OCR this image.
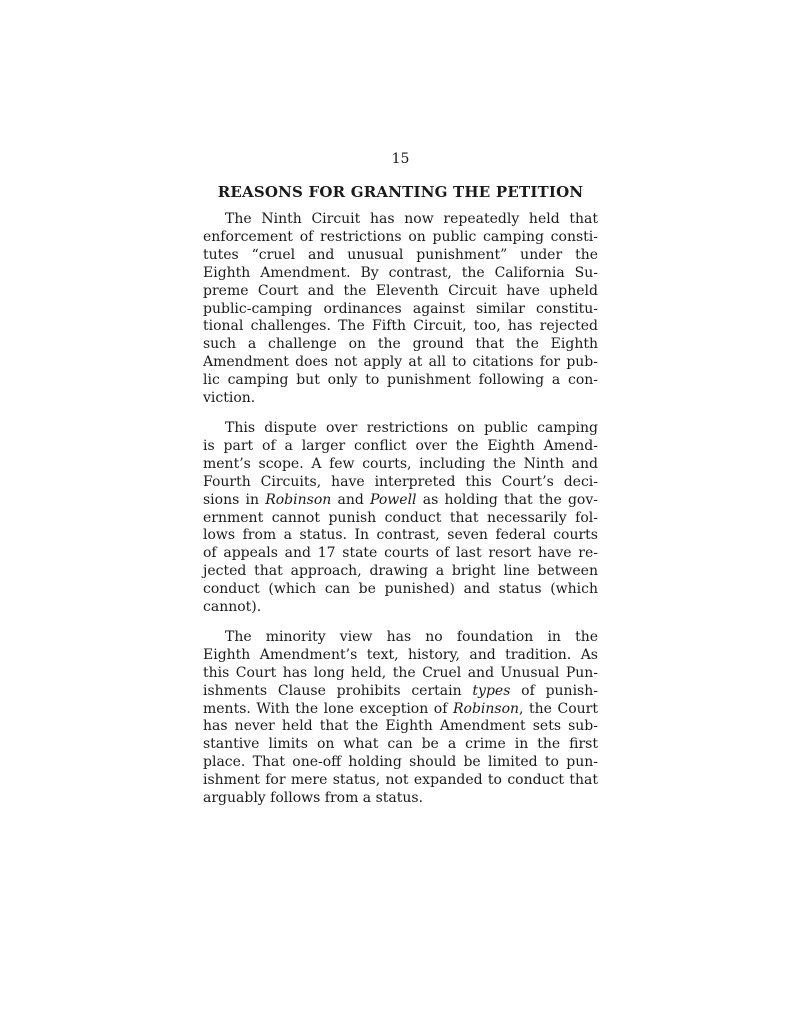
15
REASONS FOR GRANTING THE PETITION
The Ninth Circuit has now repeatedly held that
enforcement of restrictions on public camping consti-
tutes “cruel and unusual punishment” under the
Eighth Amendment. By contrast, the California Su-
preme Court and the Eleventh Circuit have upheld
public-camping ordinances against similar constitu-
tional challenges. The Fifth Circuit, too, has rejected
such a challenge on the ground that the Eighth
Amendment does not apply at all to citations for pub-
lic camping but only to punishment following a con-
viction.
This dispute over restrictions on public camping
is part of a larger conflict over the Eighth Amend-
ment’s scope. A few courts, including the Ninth and
Fourth Circuits, have interpreted this Court’s deci-
sions in Robinson and Powell as holding that the gov-
ernment cannot punish conduct that necessarily fol-
lows from a status. In contrast, seven federal courts
of appeals and 17 state courts of last resort have re-
jected that approach, drawing a bright line between
conduct (which can be punished) and status (which
cannot).
The minority view has no foundation in the
Eighth Amendment’s text, history, and tradition. As
this Court has long held, the Cruel and Unusual Pun-
ishments Clause prohibits certain types of punish-
ments. With the lone exception of Robinson, the Court
has never held that the Eighth Amendment sets sub-
stantive limits on what can be a crime in the first
place. That one-off holding should be limited to pun-
ishment for mere status, not expanded to conduct that
arguably follows from a status.
